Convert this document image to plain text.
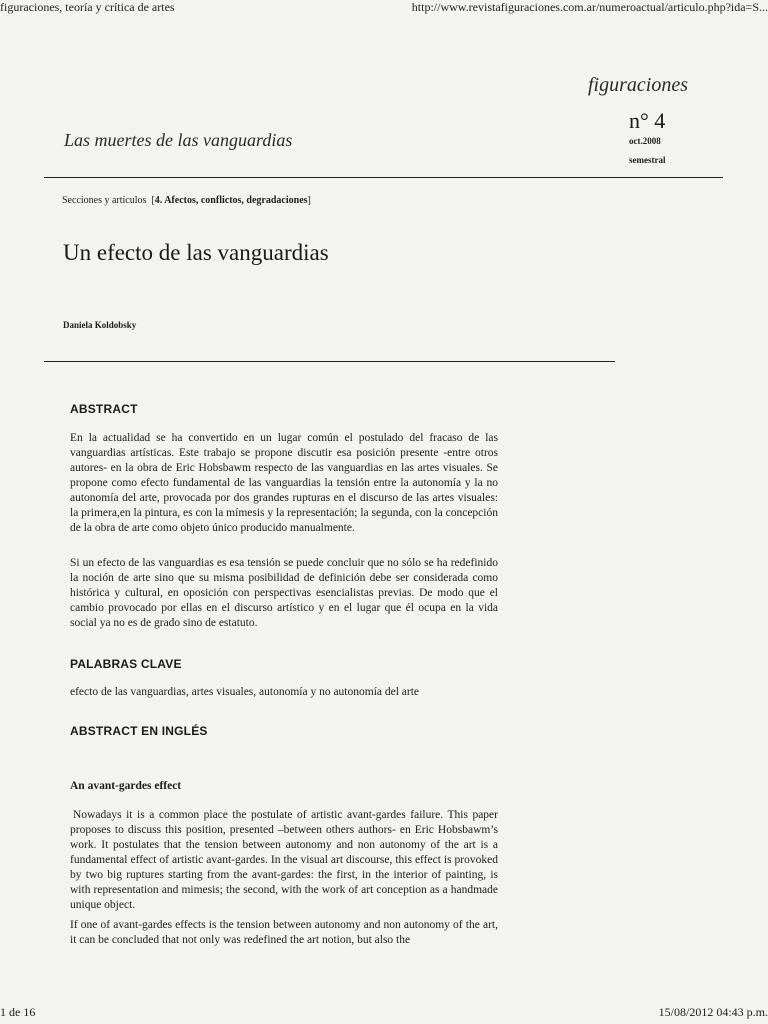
figuraciones, teoría y crítica de artes	http://www.revistafiguraciones.com.ar/numeroactual/articulo.php?ida=S...
figuraciones
n° 4
oct.2008
semestral
Las muertes de las vanguardias
Secciones y artículos [4. Afectos, conflictos, degradaciones]
Un efecto de las vanguardias
Daniela Koldobsky
ABSTRACT

En la actualidad se ha convertido en un lugar común el postulado del fracaso de las vanguardias artísticas. Este trabajo se propone discutir esa posición presente -entre otros autores- en la obra de Eric Hobsbawm respecto de las vanguardias en las artes visuales. Se propone como efecto fundamental de las vanguardias la tensión entre la autonomía y la no autonomía del arte, provocada por dos grandes rupturas en el discurso de las artes visuales: la primera,en la pintura, es con la mímesis y la representación; la segunda, con la concepción de la obra de arte como objeto único producido manualmente.

Si un efecto de las vanguardias es esa tensión se puede concluir que no sólo se ha redefinido la noción de arte sino que su misma posibilidad de definición debe ser considerada como histórica y cultural, en oposición con perspectivas esencialistas previas. De modo que el cambio provocado por ellas en el discurso artístico y en el lugar que él ocupa en la vida social ya no es de grado sino de estatuto.

PALABRAS CLAVE
efecto de las vanguardias, artes visuales, autonomía y no autonomía del arte
ABSTRACT EN INGLÉS
An avant-gardes effect

Nowadays it is a common place the postulate of artistic avant-gardes failure. This paper proposes to discuss this position, presented –between others authors- en Eric Hobsbawm’s work. It postulates that the tension between autonomy and non autonomy of the art is a fundamental effect of artistic avant-gardes. In the visual art discourse, this effect is provoked by two big ruptures starting from the avant-gardes: the first, in the interior of painting, is with representation and mimesis; the second, with the work of art conception as a handmade unique object.

If one of avant-gardes effects is the tension between autonomy and non autonomy of the art, it can be concluded that not only was redefined the art notion, but also the

1 de 16	15/08/2012 04:43 p.m.
